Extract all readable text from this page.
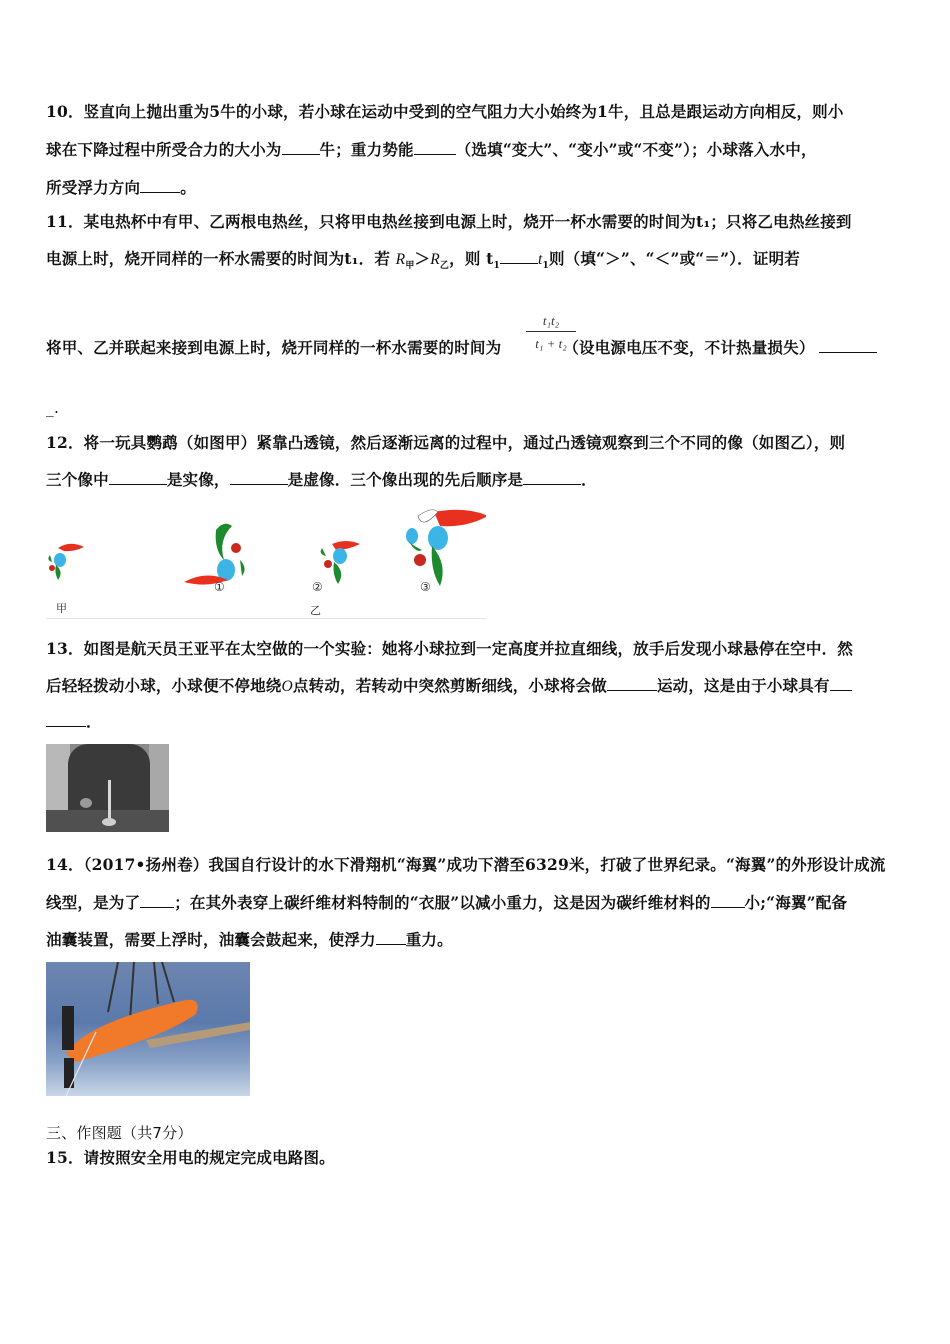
10．竖直向上抛出重为5牛的小球，若小球在运动中受到的空气阻力大小始终为1牛，且总是跟运动方向相反，则小
球在下降过程中所受合力的大小为 牛；重力势能	（选填“变大”、“变小”或“不变”）；小球落入水中，
所受浮力方向	。
11．某电热杯中有甲、乙两根电热丝，只将甲电热丝接到电源上时，烧开一杯水需要的时间为t₁；只将乙电热丝接到
电源上时，烧开同样的一杯水需要的时间为t₁．若 $R_甲>R_乙$，则 $t_1$ $t_1$则（填“＞”、“＜”或“＝”）．证明若
$\frac{\text{t₁t₂}}{\text{t₁ + t₂}}$
将甲、乙并联起来接到电源上时，烧开同样的一杯水需要的时间为	（设电源电压不变，不计热量损失）
_.
12．将一玩具鹦鹉（如图甲）紧靠凸透镜，然后逐渐远离的过程中，通过凸透镜观察到三个不同的像（如图乙），则
三个像中	是实像，	是虚像．三个像出现的先后顺序是	．
①	②	③
甲	乙
13．如图是航天员王亚平在太空做的一个实验：她将小球拉到一定高度并拉直细线，放手后发现小球悬停在空中．然
后轻轻拨动小球，小球便不停地绕O点转动，若转动中突然剪断细线，小球将会做	运动，这是由于小球具有
．
14．（2017•扬州卷）我国自行设计的水下滑翔机“海翼”成功下潜至6329米，打破了世界纪录。“海翼”的外形设计成流
线型，是为了 ；在其外表穿上碳纤维材料特制的“衣服”以减小重力，这是因为碳纤维材料的 小;“海翼”配备
油囊装置，需要上浮时，油囊会鼓起来，使浮力 重力。
三、作图题（共7分）
15．请按照安全用电的规定完成电路图。
